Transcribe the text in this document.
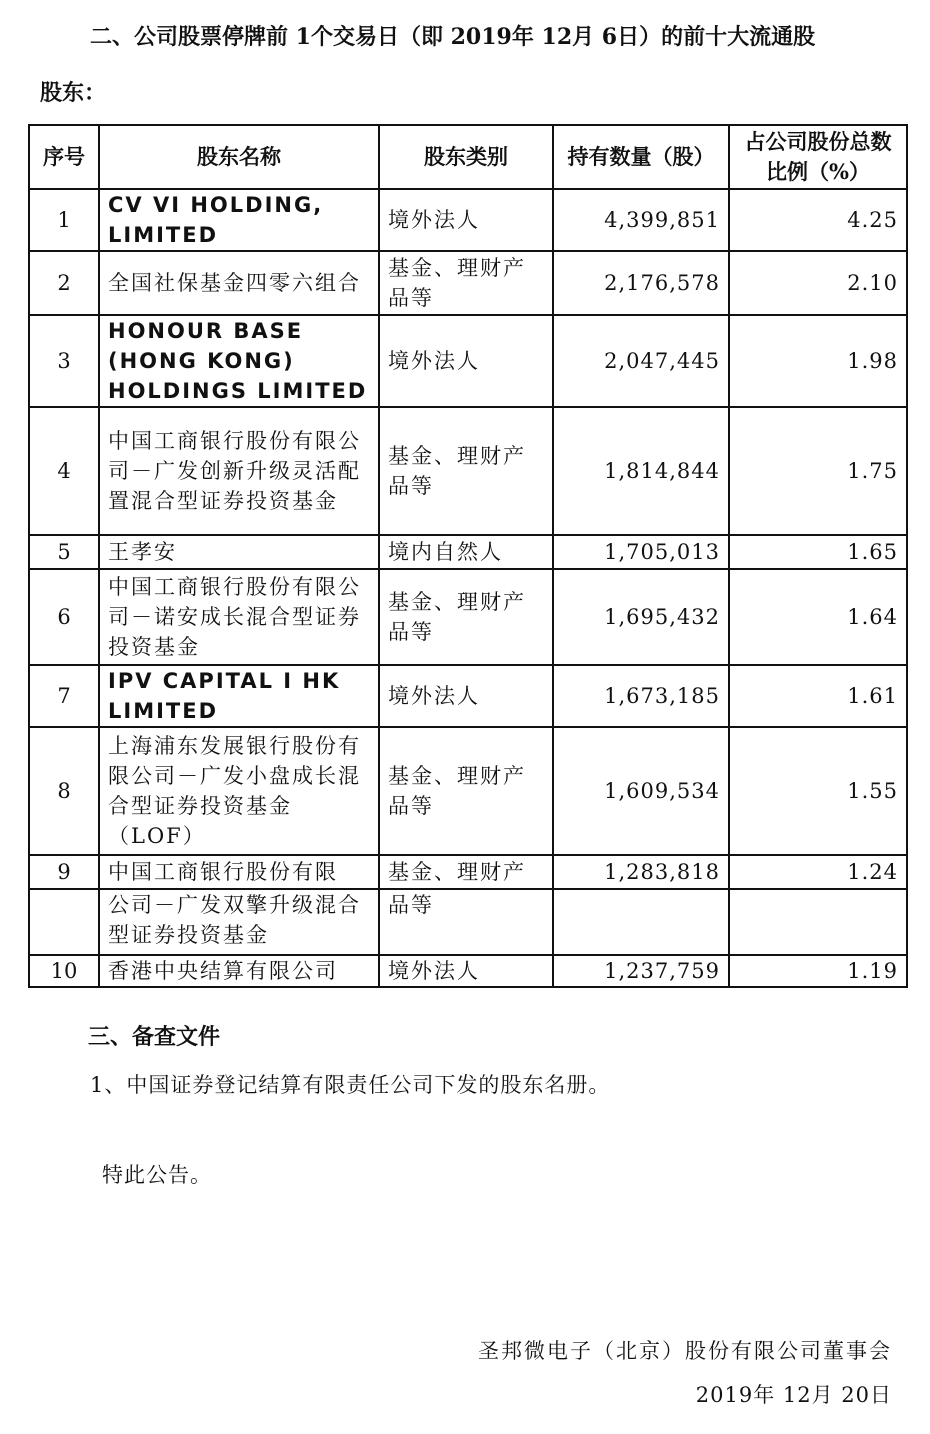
二、公司股票停牌前 1个交易日（即 2019年 12月 6日）的前十大流通股
股东：
序号	股东名称	股东类别	持有数量（股）	占公司股份总数比例（%）
1	CV VI HOLDING, LIMITED	境外法人	4,399,851	4.25
2	全国社保基金四零六组合	基金、理财产品等	2,176,578	2.10
3	HONOUR BASE (HONG KONG) HOLDINGS LIMITED	境外法人	2,047,445	1.98
4	中国工商银行股份有限公司－广发创新升级灵活配置混合型证券投资基金	基金、理财产品等	1,814,844	1.75
5	王孝安	境内自然人	1,705,013	1.65
6	中国工商银行股份有限公司－诺安成长混合型证券投资基金	基金、理财产品等	1,695,432	1.64
7	IPV CAPITAL I HK LIMITED	境外法人	1,673,185	1.61
8	上海浦东发展银行股份有限公司－广发小盘成长混合型证券投资基金（LOF）	基金、理财产品等	1,609,534	1.55
9	中国工商银行股份有限	基金、理财产	1,283,818	1.24
	公司－广发双擎升级混合型证券投资基金	品等		
10	香港中央结算有限公司	境外法人	1,237,759	1.19
三、备查文件
1、中国证券登记结算有限责任公司下发的股东名册。
特此公告。
圣邦微电子（北京）股份有限公司董事会
2019年 12月 20日
